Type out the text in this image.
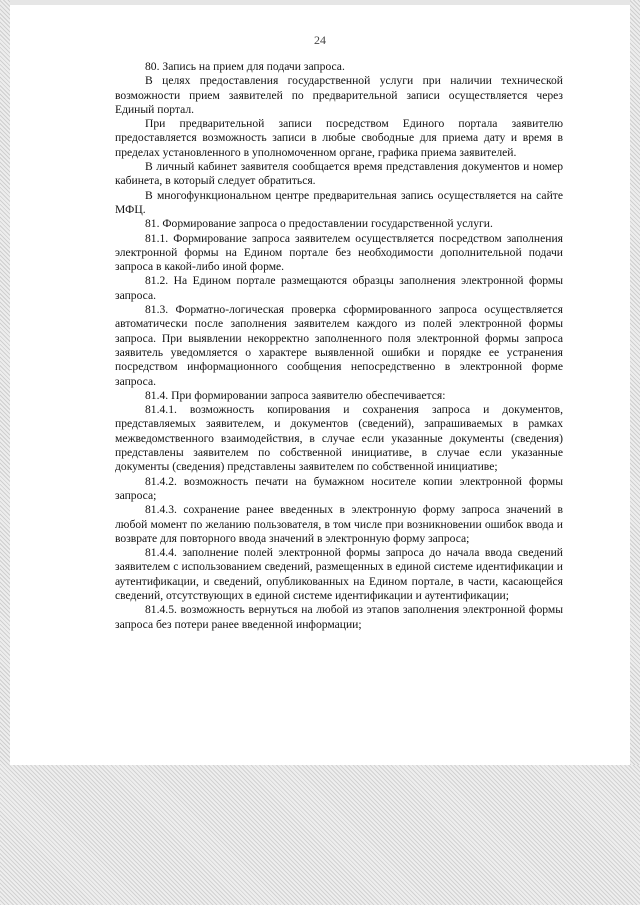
24

80. Запись на прием для подачи запроса.

В целях предоставления государственной услуги при наличии технической возможности прием заявителей по предварительной записи осуществляется через Единый портал.

При предварительной записи посредством Единого портала заявителю предоставляется возможность записи в любые свободные для приема дату и время в пределах установленного в уполномоченном органе, графика приема заявителей.

В личный кабинет заявителя сообщается время представления документов и номер кабинета, в который следует обратиться.

В многофункциональном центре предварительная запись осуществляется на сайте МФЦ.

81. Формирование запроса о предоставлении государственной услуги.

81.1. Формирование запроса заявителем осуществляется посредством заполнения электронной формы на Едином портале без необходимости дополнительной подачи запроса в какой-либо иной форме.

81.2. На Едином портале размещаются образцы заполнения электронной формы запроса.

81.3. Форматно-логическая проверка сформированного запроса осуществляется автоматически после заполнения заявителем каждого из полей электронной формы запроса. При выявлении некорректно заполненного поля электронной формы запроса заявитель уведомляется о характере выявленной ошибки и порядке ее устранения посредством информационного сообщения непосредственно в электронной форме запроса.

81.4. При формировании запроса заявителю обеспечивается:

81.4.1. возможность копирования и сохранения запроса и документов, представляемых заявителем, и документов (сведений), запрашиваемых в рамках межведомственного взаимодействия, в случае если указанные документы (сведения) представлены заявителем по собственной инициативе, в случае если указанные документы (сведения) представлены заявителем по собственной инициативе;

81.4.2. возможность печати на бумажном носителе копии электронной формы запроса;

81.4.3. сохранение ранее введенных в электронную форму запроса значений в любой момент по желанию пользователя, в том числе при возникновении ошибок ввода и возврате для повторного ввода значений в электронную форму запроса;

81.4.4. заполнение полей электронной формы запроса до начала ввода сведений заявителем с использованием сведений, размещенных в единой системе идентификации и аутентификации, и сведений, опубликованных на Едином портале, в части, касающейся сведений, отсутствующих в единой системе идентификации и аутентификации;

81.4.5. возможность вернуться на любой из этапов заполнения электронной формы запроса без потери ранее введенной информации;
